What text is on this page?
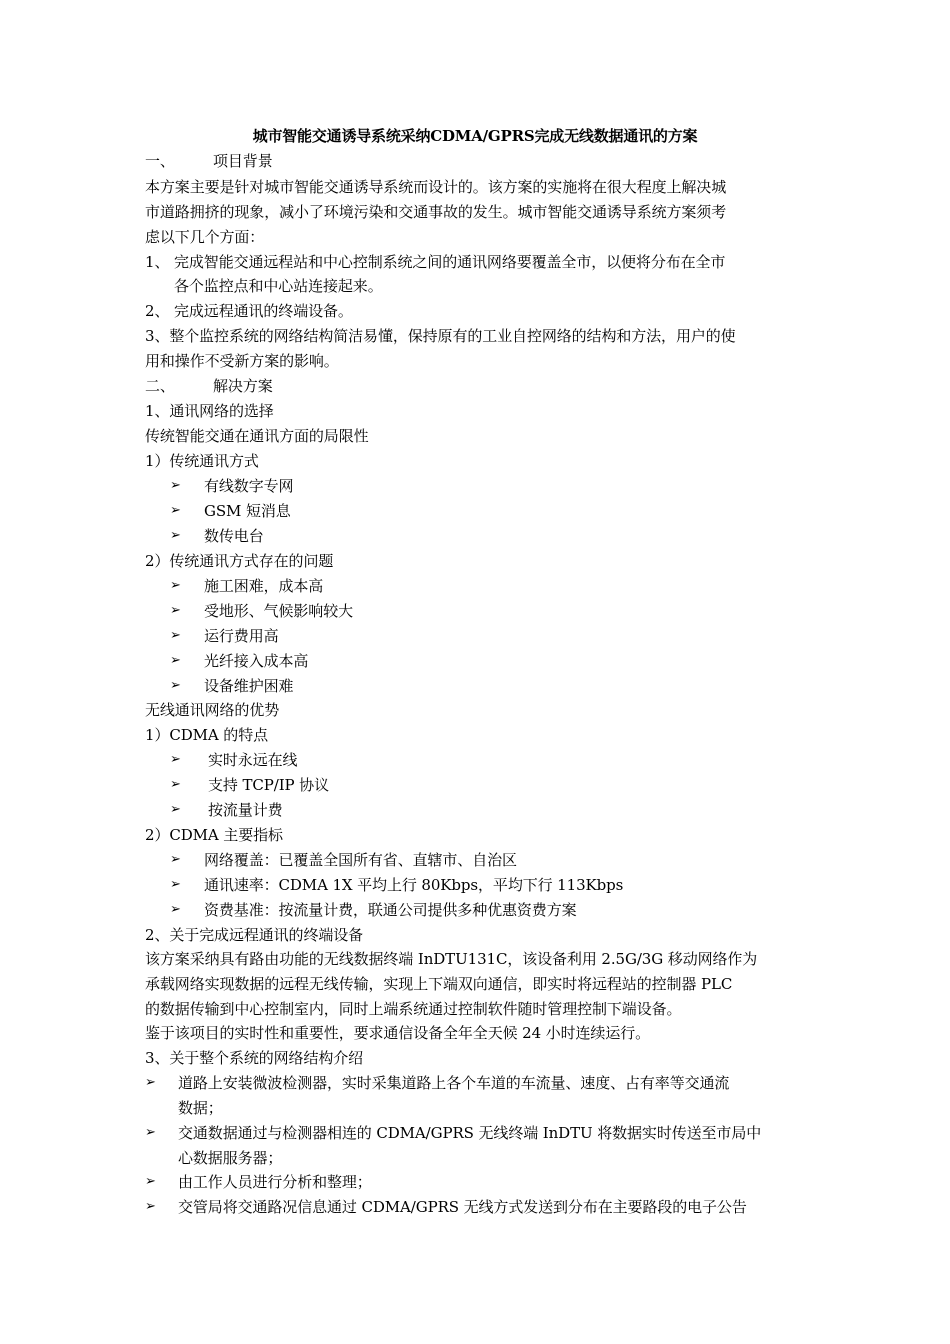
城市智能交通诱导系统采纳CDMA/GPRS完成无线数据通讯的方案
一、	项目背景
本方案主要是针对城市智能交通诱导系统而设计的。该方案的实施将在很大程度上解决城
市道路拥挤的现象，减小了环境污染和交通事故的发生。城市智能交通诱导系统方案须考
虑以下几个方面：
1、 完成智能交通远程站和中心控制系统之间的通讯网络要覆盖全市，以便将分布在全市
各个监控点和中心站连接起来。
2、 完成远程通讯的终端设备。
3、整个监控系统的网络结构简洁易懂，保持原有的工业自控网络的结构和方法，用户的使
用和操作不受新方案的影响。
二、	解决方案
1、通讯网络的选择
传统智能交通在通讯方面的局限性
1）传统通讯方式
➢ 有线数字专网
➢ GSM 短消息
➢ 数传电台
2）传统通讯方式存在的问题
➢ 施工困难，成本高
➢ 受地形、气候影响较大
➢ 运行费用高
➢ 光纤接入成本高
➢ 设备维护困难
无线通讯网络的优势
1）CDMA 的特点
➢ 实时永远在线
➢ 支持 TCP/IP 协议
➢ 按流量计费
2）CDMA 主要指标
➢ 网络覆盖：已覆盖全国所有省、直辖市、自治区
➢ 通讯速率：CDMA 1X 平均上行 80Kbps，平均下行 113Kbps
➢ 资费基准：按流量计费，联通公司提供多种优惠资费方案
2、关于完成远程通讯的终端设备
该方案采纳具有路由功能的无线数据终端 InDTU131C，该设备利用 2.5G/3G 移动网络作为
承载网络实现数据的远程无线传输，实现上下端双向通信，即实时将远程站的控制器 PLC
的数据传输到中心控制室内，同时上端系统通过控制软件随时管理控制下端设备。
鉴于该项目的实时性和重要性，要求通信设备全年全天候 24 小时连续运行。
3、关于整个系统的网络结构介绍
➢ 道路上安装微波检测器，实时采集道路上各个车道的车流量、速度、占有率等交通流
数据；
➢ 交通数据通过与检测器相连的 CDMA/GPRS 无线终端 InDTU 将数据实时传送至市局中
心数据服务器；
➢ 由工作人员进行分析和整理；
➢ 交管局将交通路况信息通过 CDMA/GPRS 无线方式发送到分布在主要路段的电子公告
